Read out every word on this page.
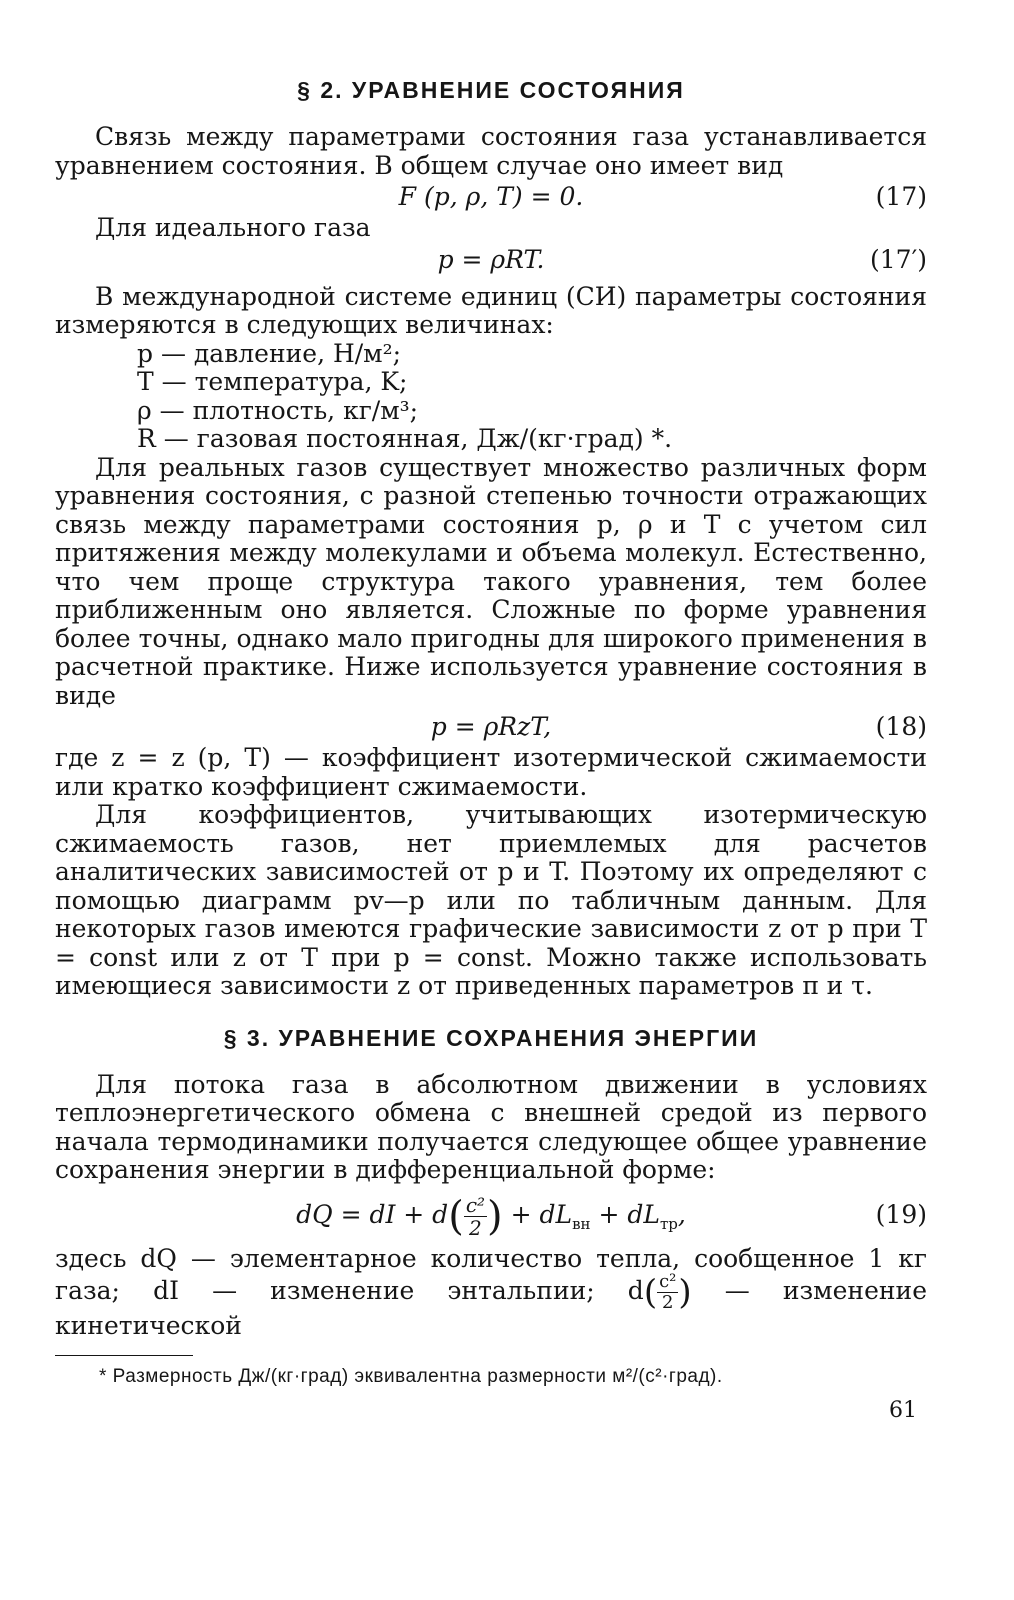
§ 2. УРАВНЕНИЕ СОСТОЯНИЯ

Связь между параметрами состояния газа устанавливается уравнением состояния. В общем случае оно имеет вид

F (p, ρ, T) = 0.	(17)

Для идеального газа

p = ρRT.	(17′)

В международной системе единиц (СИ) параметры состояния измеряются в следующих величинах:

p — давление, Н/м²;
T — температура, K;
ρ — плотность, кг/м³;
R — газовая постоянная, Дж/(кг·град) *.

Для реальных газов существует множество различных форм уравнения состояния, с разной степенью точности отражающих связь между параметрами состояния p, ρ и T с учетом сил притяжения между молекулами и объема молекул. Естественно, что чем проще структура такого уравнения, тем более приближенным оно является. Сложные по форме уравнения более точны, однако мало пригодны для широкого применения в расчетной практике. Ниже используется уравнение состояния в виде

p = ρRzT,	(18)

где z = z (p, T) — коэффициент изотермической сжимаемости или кратко коэффициент сжимаемости.

Для коэффициентов, учитывающих изотермическую сжимаемость газов, нет приемлемых для расчетов аналитических зависимостей от p и T. Поэтому их определяют с помощью диаграмм pv—p или по табличным данным. Для некоторых газов имеются графические зависимости z от p при T = const или z от T при p = const. Можно также использовать имеющиеся зависимости z от приведенных параметров π и τ.

§ 3. УРАВНЕНИЕ СОХРАНЕНИЯ ЭНЕРГИИ

Для потока газа в абсолютном движении в условиях теплоэнергетического обмена с внешней средой из первого начала термодинамики получается следующее общее уравнение сохранения энергии в дифференциальной форме:

dQ = dI + $d( \frac{\text{c²}}{2}$ ) + $dL_{вн} + dL_{тр}$,	(19)

здесь dQ — элементарное количество тепла, сообщенное 1 кг газа; dI — изменение энтальпии; $d( \frac{\text{c²}}{2}$ ) — изменение кинетической

* Размерность Дж/(кг·град) эквивалентна размерности м²/(с²·град).
61
